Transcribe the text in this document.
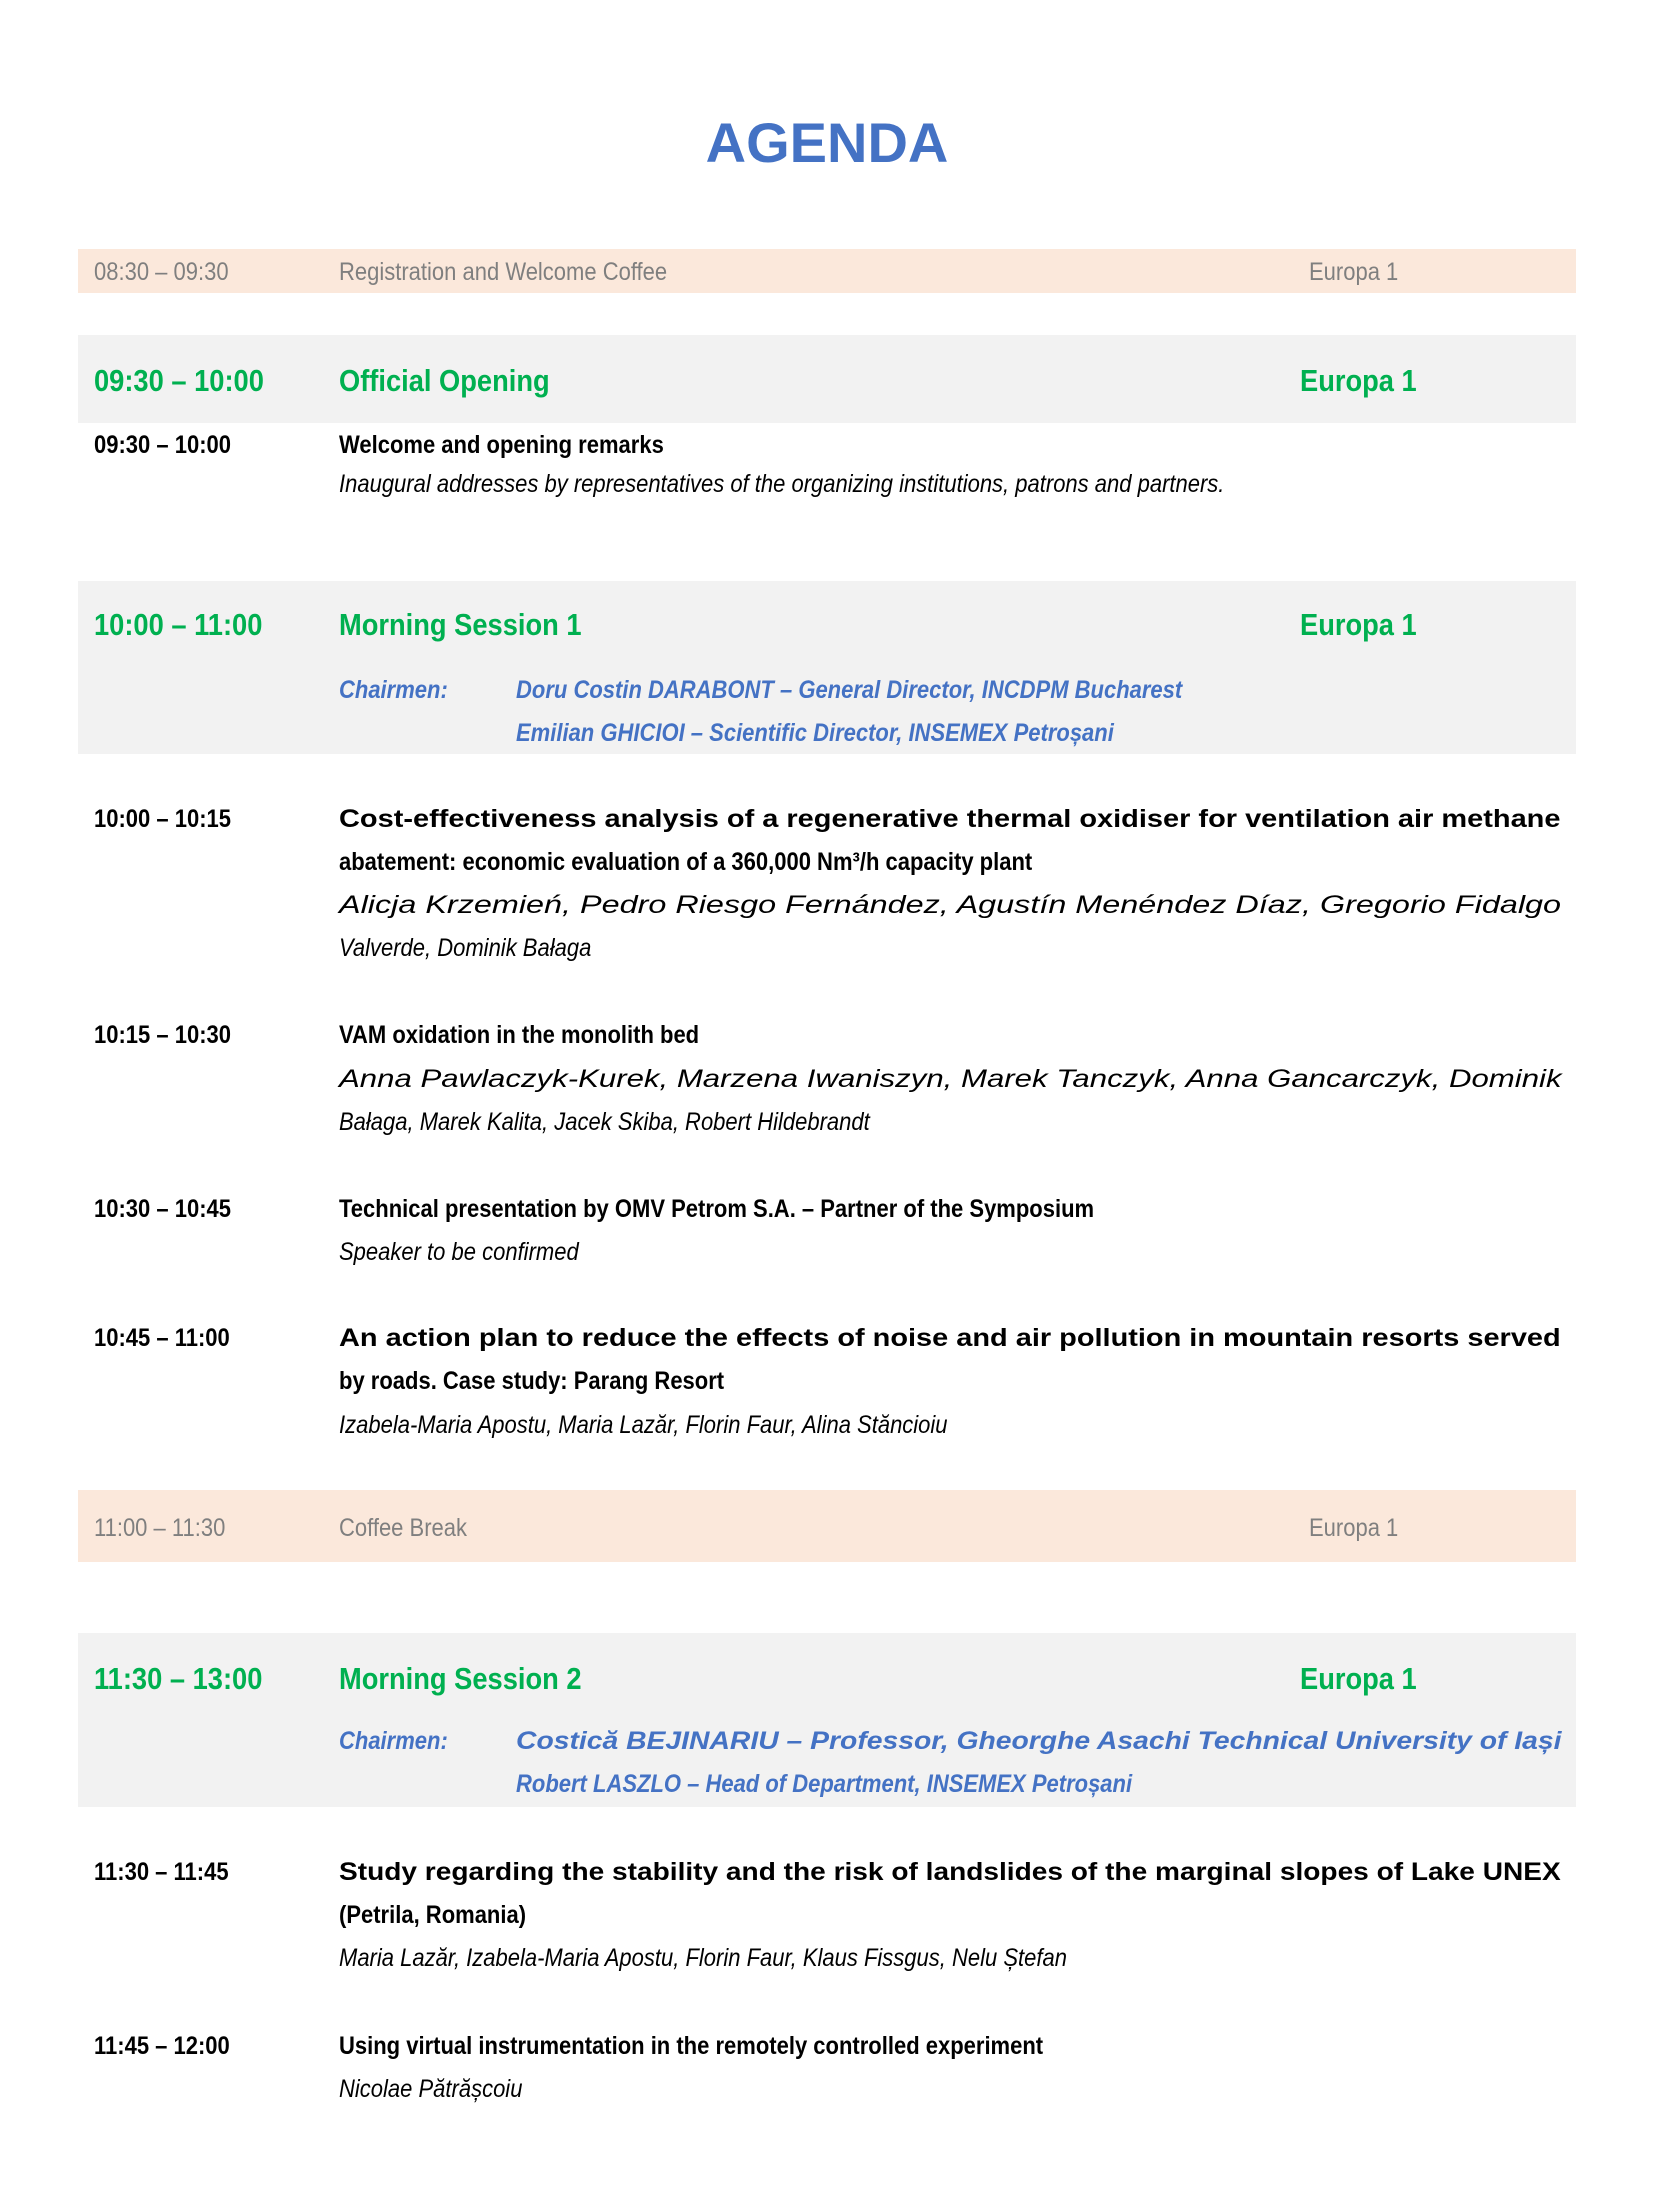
AGENDA
08:30 – 09:30	Registration and Welcome Coffee	Europa 1
09:30 – 10:00 Official Opening	Europa 1
09:30 – 10:00	Welcome and opening remarks
Inaugural addresses by representatives of the organizing institutions, patrons and partners.
10:00 – 11:00 Morning Session 1	Europa 1
Chairmen:	Doru Costin DARABONT – General Director, INCDPM Bucharest
Emilian GHICIOI – Scientific Director, INSEMEX Petroșani
10:00 – 10:15	Cost-effectiveness analysis of a regenerative thermal oxidiser for ventilation air methane
abatement: economic evaluation of a 360,000 Nm³/h capacity plant
Alicja Krzemień, Pedro Riesgo Fernández, Agustín Menéndez Díaz, Gregorio Fidalgo
Valverde, Dominik Bałaga
10:15 – 10:30	VAM oxidation in the monolith bed
Anna Pawlaczyk-Kurek, Marzena Iwaniszyn, Marek Tanczyk, Anna Gancarczyk, Dominik
Bałaga, Marek Kalita, Jacek Skiba, Robert Hildebrandt
10:30 – 10:45	Technical presentation by OMV Petrom S.A. – Partner of the Symposium
Speaker to be confirmed
10:45 – 11:00	An action plan to reduce the effects of noise and air pollution in mountain resorts served
by roads. Case study: Parang Resort
Izabela-Maria Apostu, Maria Lazăr, Florin Faur, Alina Stăncioiu
11:00 – 11:30	Coffee Break	Europa 1
11:30 – 13:00 Morning Session 2	Europa 1
Chairmen:	Costică BEJINARIU – Professor, Gheorghe Asachi Technical University of Iași
Robert LASZLO – Head of Department, INSEMEX Petroșani
11:30 – 11:45	Study regarding the stability and the risk of landslides of the marginal slopes of Lake UNEX
(Petrila, Romania)
Maria Lazăr, Izabela-Maria Apostu, Florin Faur, Klaus Fissgus, Nelu Ștefan
11:45 – 12:00	Using virtual instrumentation in the remotely controlled experiment
Nicolae Pătrășcoiu
